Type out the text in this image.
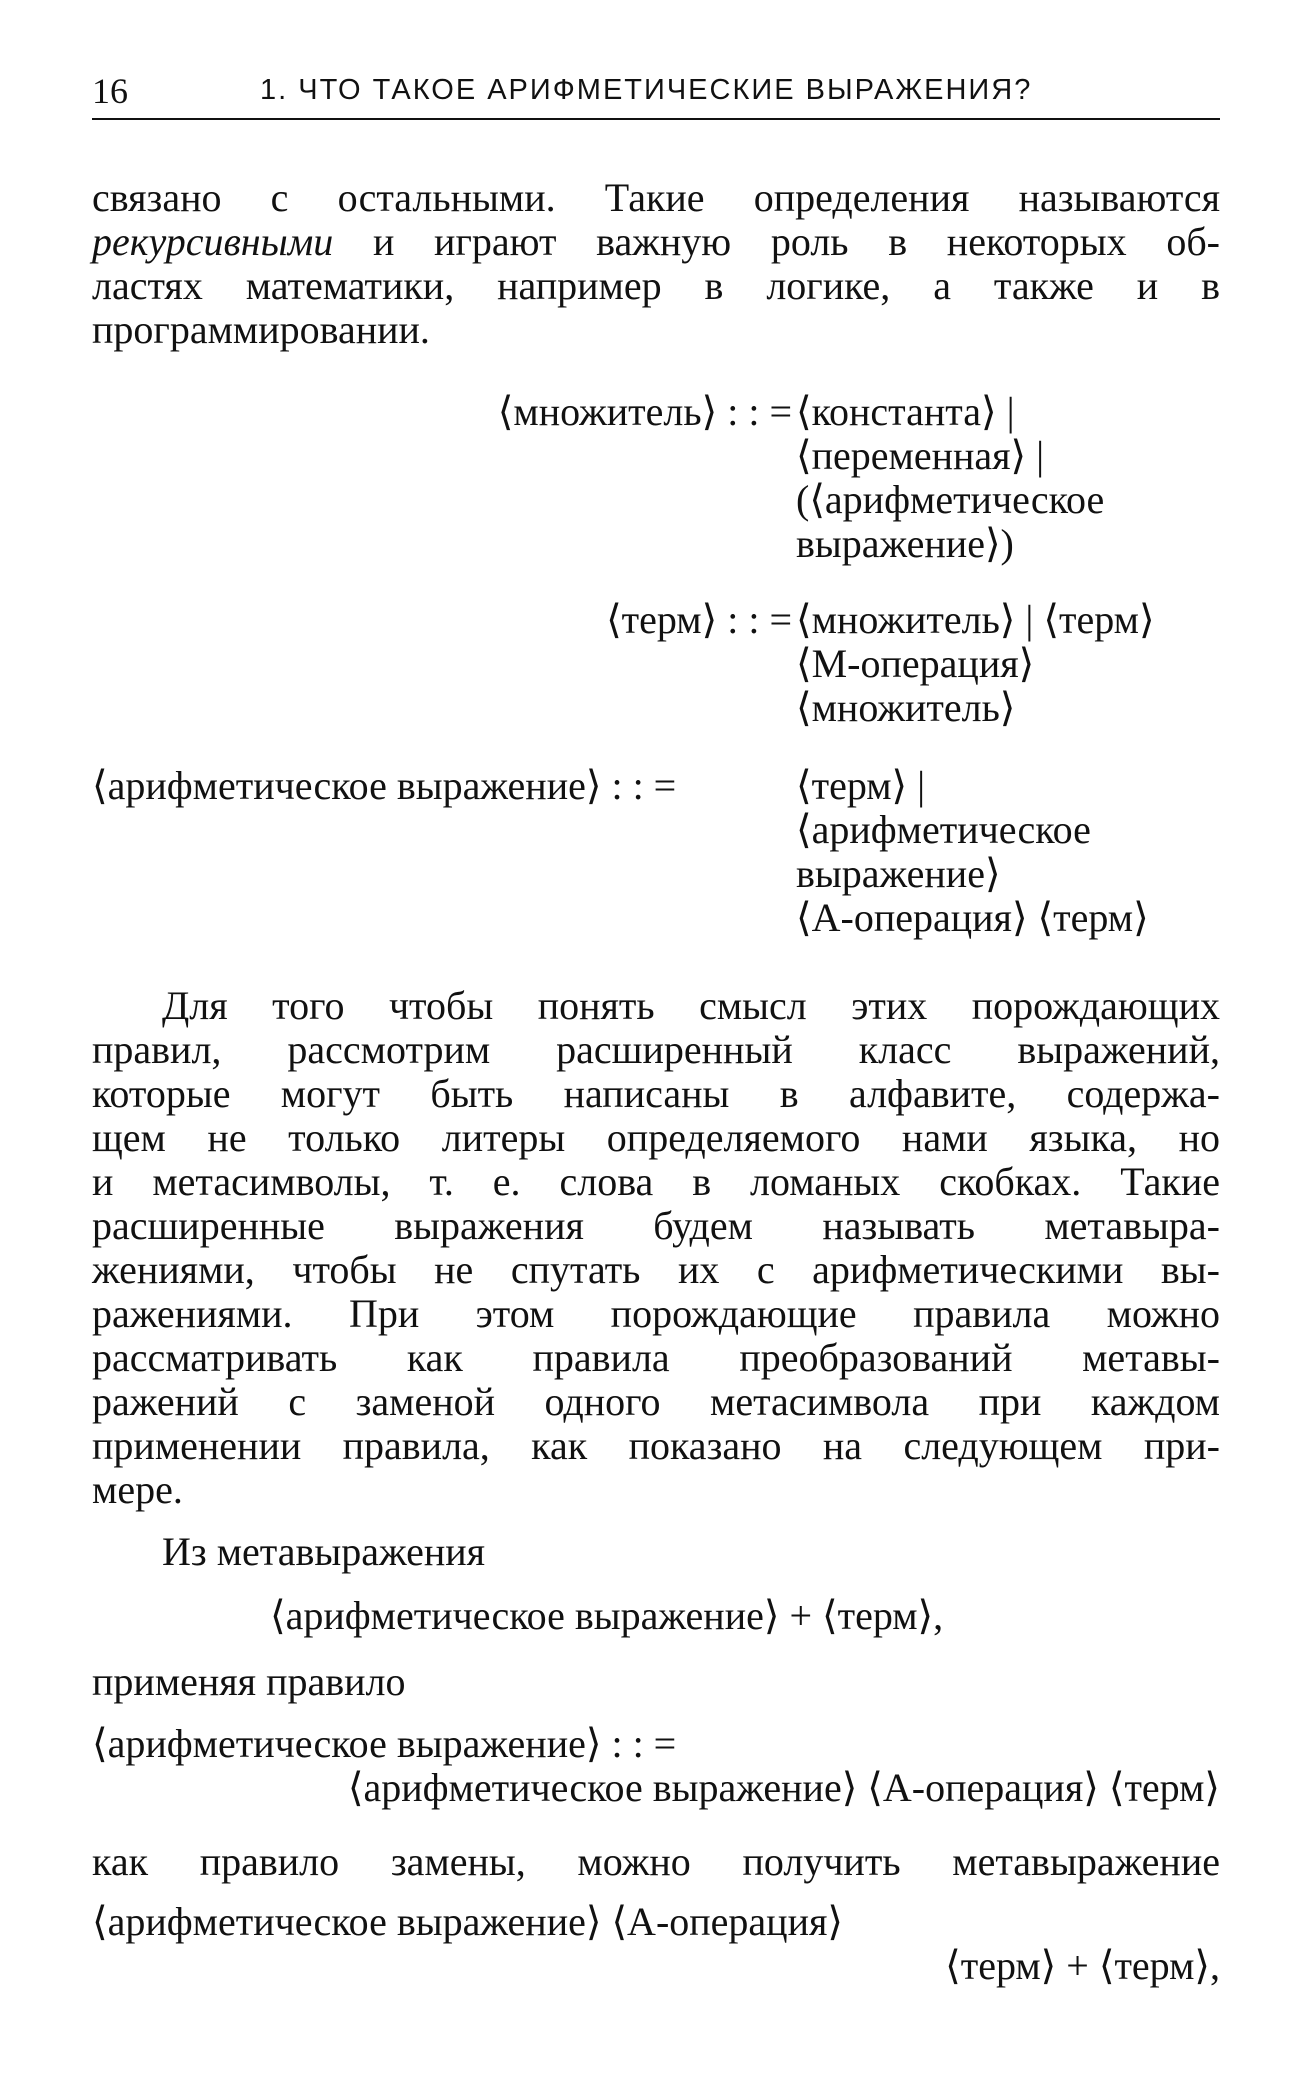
16	1. ЧТО ТАКОЕ АРИФМЕТИЧЕСКИЕ ВЫРАЖЕНИЯ?
связано с остальными. Такие определения называются
рекурсивными и играют важную роль в некоторых об-
ластях математики, например в логике, а также и в
программировании.
⟨множитель⟩ : : = ⟨константа⟩ |
⟨переменная⟩ |
(⟨арифметическое
выражение⟩)
⟨терм⟩ : : = ⟨множитель⟩ | ⟨терм⟩
⟨М-операция⟩
⟨множитель⟩
⟨арифметическое выражение⟩ : : =	⟨терм⟩ |
⟨арифметическое
выражение⟩
⟨А-операция⟩ ⟨терм⟩
Для того чтобы понять смысл этих порождающих
правил, рассмотрим расширенный класс выражений,
которые могут быть написаны в алфавите, содержа-
щем не только литеры определяемого нами языка, но
и метасимволы, т. е. слова в ломаных скобках. Такие
расширенные выражения будем называть метавыра-
жениями, чтобы не спутать их с арифметическими вы-
ражениями. При этом порождающие правила можно
рассматривать как правила преобразований метавы-
ражений с заменой одного метасимвола при каждом
применении правила, как показано на следующем при-
мере.
Из метавыражения
⟨арифметическое выражение⟩ + ⟨терм⟩,
применяя правило
⟨арифметическое выражение⟩ : : =
⟨арифметическое выражение⟩ ⟨А-операция⟩ ⟨терм⟩
как правило замены, можно получить метавыражение
⟨арифметическое выражение⟩ ⟨А-операция⟩
⟨терм⟩ + ⟨терм⟩,
